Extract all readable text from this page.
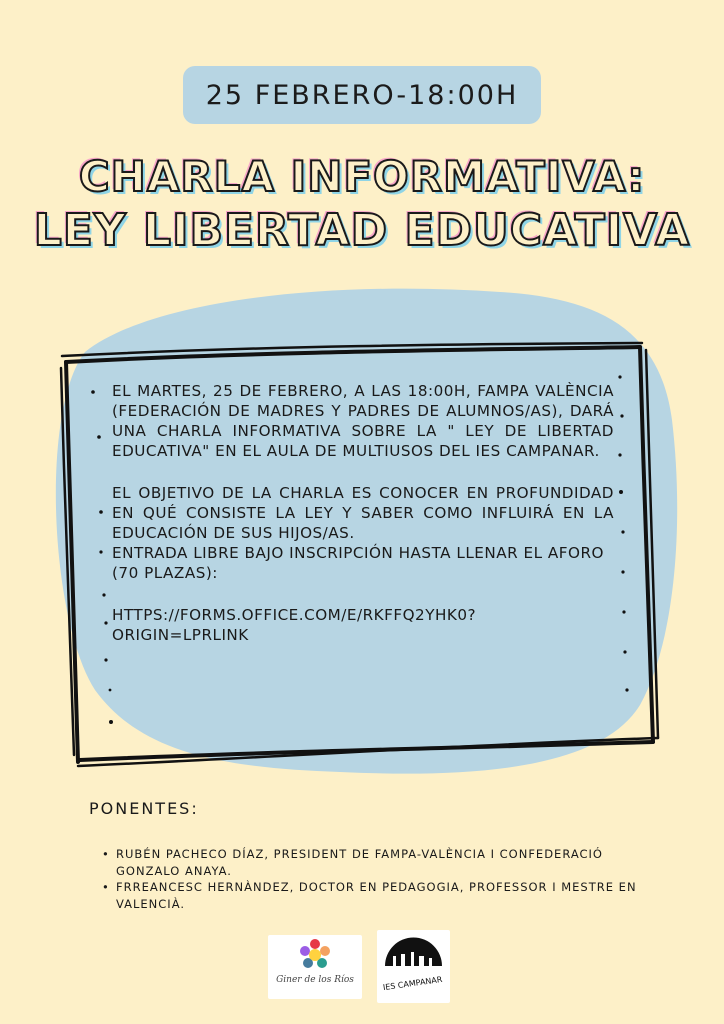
25 FEBRERO-18:00H
CHARLA INFORMATIVA:
LEY LIBERTAD EDUCATIVA

EL MARTES, 25 DE FEBRERO, A LAS 18:00H, FAMPA VALÈNCIA (FEDERACIÓN DE MADRES Y PADRES DE ALUMNOS/AS), DARÁ UNA CHARLA INFORMATIVA SOBRE LA " LEY DE LIBERTAD EDUCATIVA" EN EL AULA DE MULTIUSOS DEL IES CAMPANAR.

EL OBJETIVO DE LA CHARLA ES CONOCER EN PROFUNDIDAD EN QUÉ CONSISTE LA LEY Y SABER COMO INFLUIRÁ EN LA EDUCACIÓN DE SUS HIJOS/AS.

ENTRADA LIBRE BAJO INSCRIPCIÓN HASTA LLENAR EL AFORO (70 PLAZAS):

HTTPS://FORMS.OFFICE.COM/E/RKFFQ2YHK0?

ORIGIN=LPRLINK

PONENTES:
• RUBÉN PACHECO DÍAZ, PRESIDENT DE FAMPA-VALÈNCIA I CONFEDERACIÓ GONZALO ANAYA.
• FRREANCESC HERNÀNDEZ, DOCTOR EN PEDAGOGIA, PROFESSOR I MESTRE EN VALENCIÀ.
Giner de los Ríos	IES CAMPANAR
